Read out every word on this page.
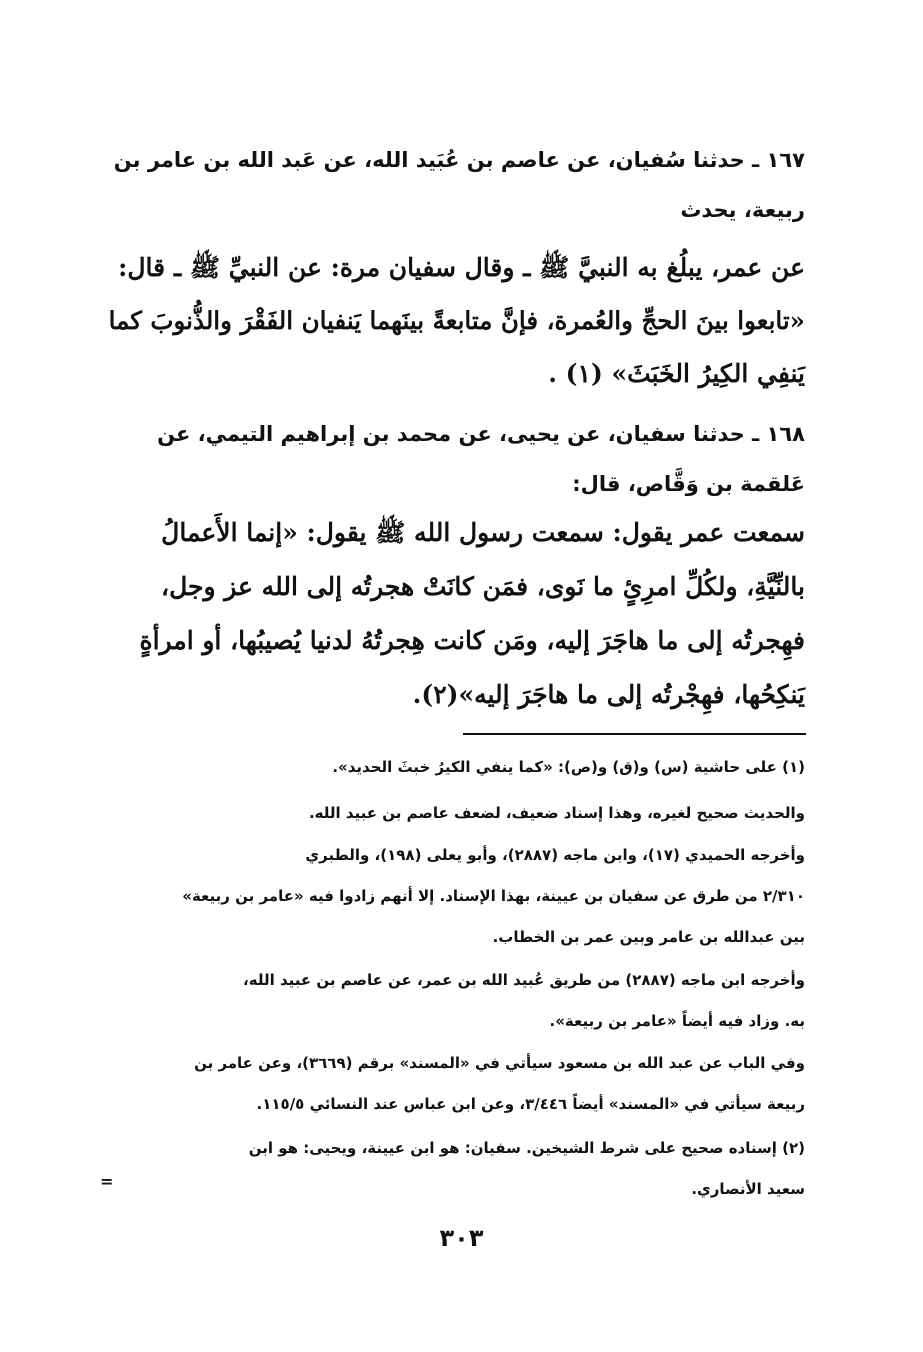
١٦٧ ـ حدثنا سُفيان، عن عاصم بن عُبَيد الله، عن عَبد الله بن عامر بن
ربيعة، يحدث
عن عمر، يبلُغ به النبيَّ ﷺ ـ وقال سفيان مرة: عن النبيِّ ﷺ ـ قال:
«تابعوا بينَ الحجِّ والعُمرة، فإنَّ متابعةً بينَهما يَنفيان الفَقْرَ والذُّنوبَ كما
يَنفِي الكِيرُ الخَبَثَ» (١) .
١٦٨ ـ حدثنا سفيان، عن يحيى، عن محمد بن إبراهيم التيمي، عن
عَلقمة بن وَقَّاص، قال:
سمعت عمر يقول: سمعت رسول الله ﷺ يقول: «إنما الأَعمالُ
بالنِّيَّةِ، ولكُلِّ امرِئٍ ما نَوى، فمَن كانَتْ هجرتُه إلى الله عز وجل،
فهِجرتُه إلى ما هاجَرَ إليه، ومَن كانت هِجرتُهُ لدنيا يُصيبُها، أو امرأةٍ
يَنكِحُها، فهِجْرتُه إلى ما هاجَرَ إليه»(٢).
(١) على حاشية (س) و(ق) و(ص): «كما ينفي الكيرُ خبثَ الحديد».
والحديث صحيح لغيره، وهذا إسناد ضعيف، لضعف عاصم بن عبيد الله.
وأخرجه الحميدي (١٧)، وابن ماجه (٢٨٨٧)، وأبو يعلى (١٩٨)، والطبري
٢/٣١٠ من طرق عن سفيان بن عيينة، بهذا الإسناد. إلا أنهم زادوا فيه «عامر بن ربيعة»
بين عبدالله بن عامر وبين عمر بن الخطاب.
وأخرجه ابن ماجه (٢٨٨٧) من طريق عُبيد الله بن عمر، عن عاصم بن عبيد الله،
به. وزاد فيه أيضاً «عامر بن ربيعة».
وفي الباب عن عبد الله بن مسعود سيأتي في «المسند» برقم (٣٦٦٩)، وعن عامر بن
ربيعة سيأتي في «المسند» أيضاً ٣/٤٤٦، وعن ابن عباس عند النسائي ١١٥/٥.
(٢) إسناده صحيح على شرط الشيخين. سفيان: هو ابن عيينة، ويحيى: هو ابن
سعيد الأنصاري.
=
٣٠٣
